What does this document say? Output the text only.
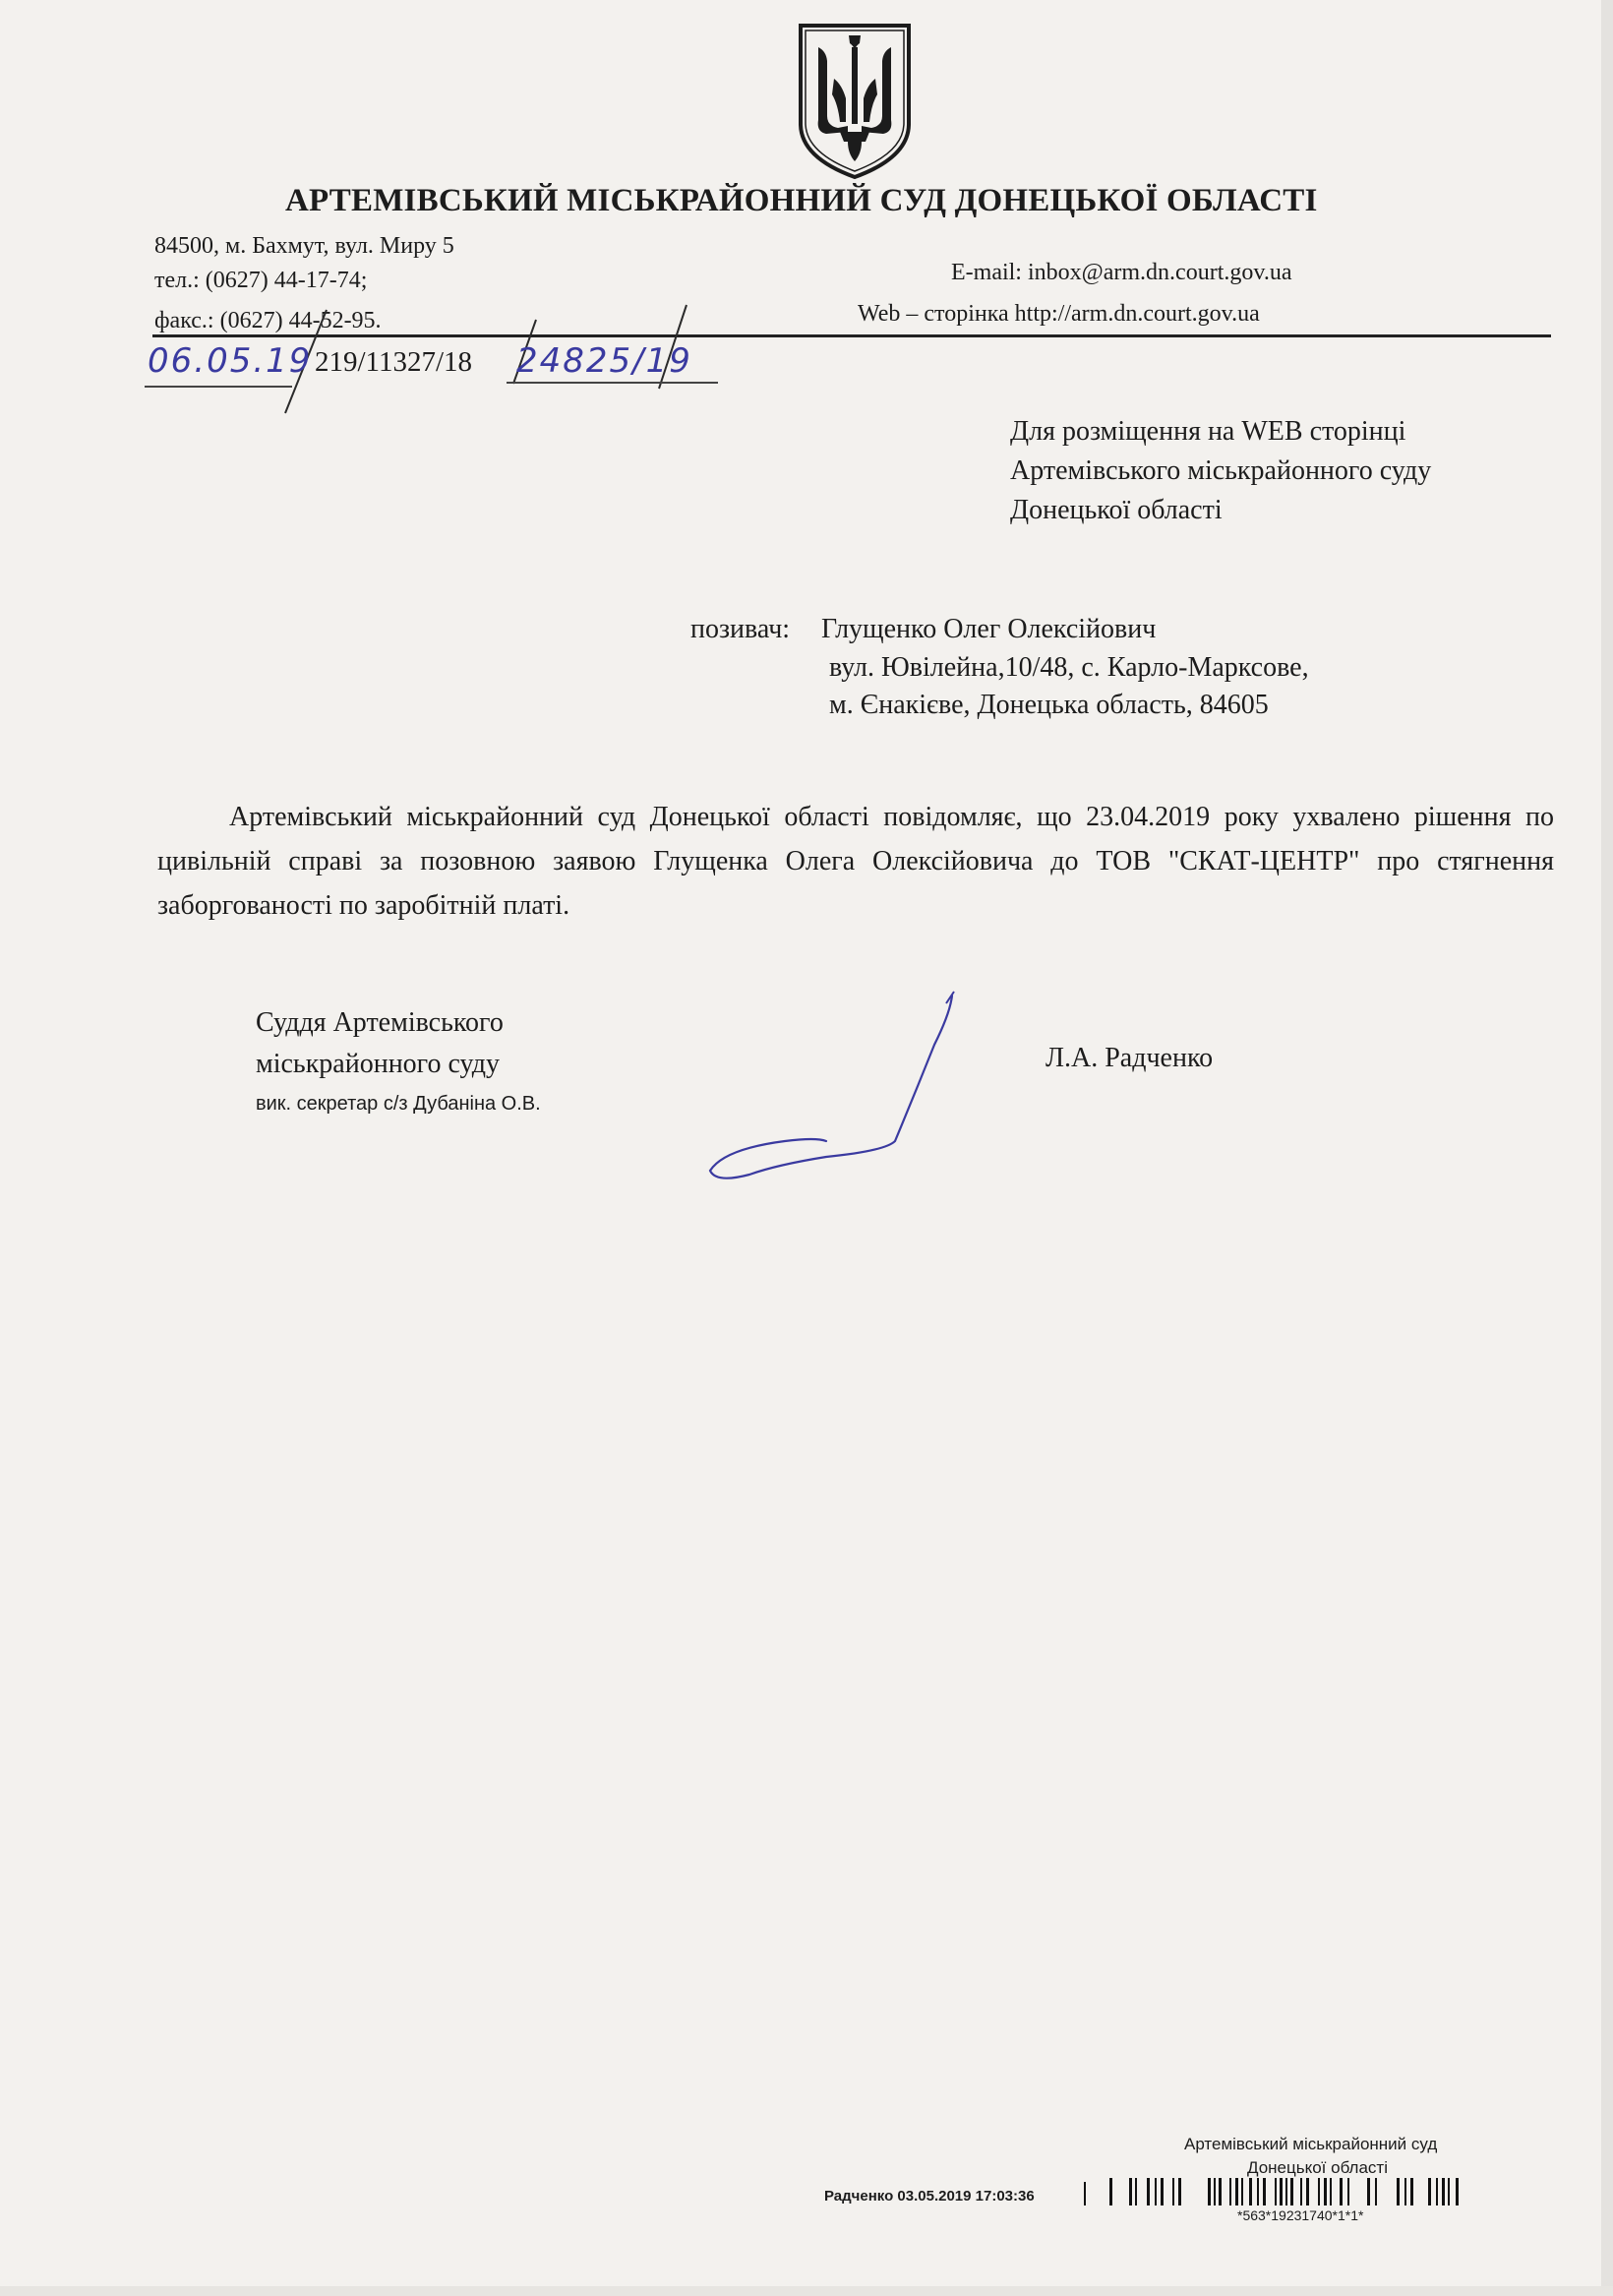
АРТЕМІВСЬКИЙ МІСЬКРАЙОННИЙ СУД ДОНЕЦЬКОЇ ОБЛАСТІ
84500, м. Бахмут, вул. Миру 5
тел.: (0627) 44-17-74;
факс.: (0627) 44-52-95.
E-mail: inbox@arm.dn.court.gov.ua
Web – сторінка http://arm.dn.court.gov.ua
06.05.19 219/11327/18 24825/19
Для розміщення на WEB сторінці
Артемівського міськрайонного суду
Донецької області
позивач: Глущенко Олег Олексійович
вул. Ювілейна,10/48, с. Карло-Марксове,
м. Єнакієве, Донецька область, 84605
Артемівський міськрайонний суд Донецької області повідомляє, що 23.04.2019 року ухвалено рішення по цивільній справі за позовною заявою Глущенка Олега Олексійовича до ТОВ "СКАТ-ЦЕНТР" про стягнення заборгованості по заробітній платі.
Суддя Артемівського
міськрайонного суду
вик. секретар с/з Дубаніна О.В.
Л.А. Радченко
Артемівський міськрайонний суд
Донецької області
Радченко 03.05.2019 17:03:36
*563*19231740*1*1*
